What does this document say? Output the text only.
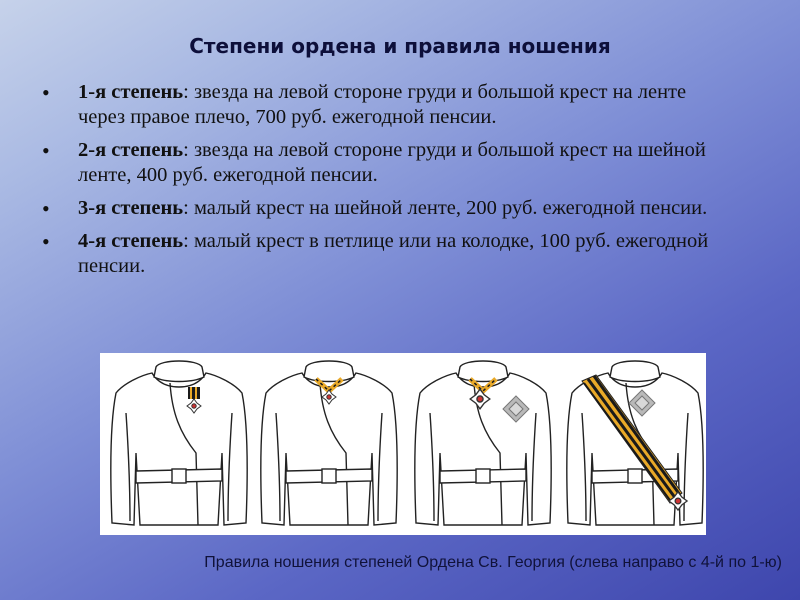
Степени ордена и правила ношения
• 1-я степень: звезда на левой стороне груди и большой крест на ленте через правое плечо, 700 руб. ежегодной пенсии.
• 2-я степень: звезда на левой стороне груди и большой крест на шейной ленте, 400 руб. ежегодной пенсии.
• 3-я степень: малый крест на шейной ленте, 200 руб. ежегодной пенсии.
• 4-я степень: малый крест в петлице или на колодке, 100 руб. ежегодной пенсии.
Правила ношения степеней Ордена Св. Георгия (слева направо с 4-й по 1-ю)
